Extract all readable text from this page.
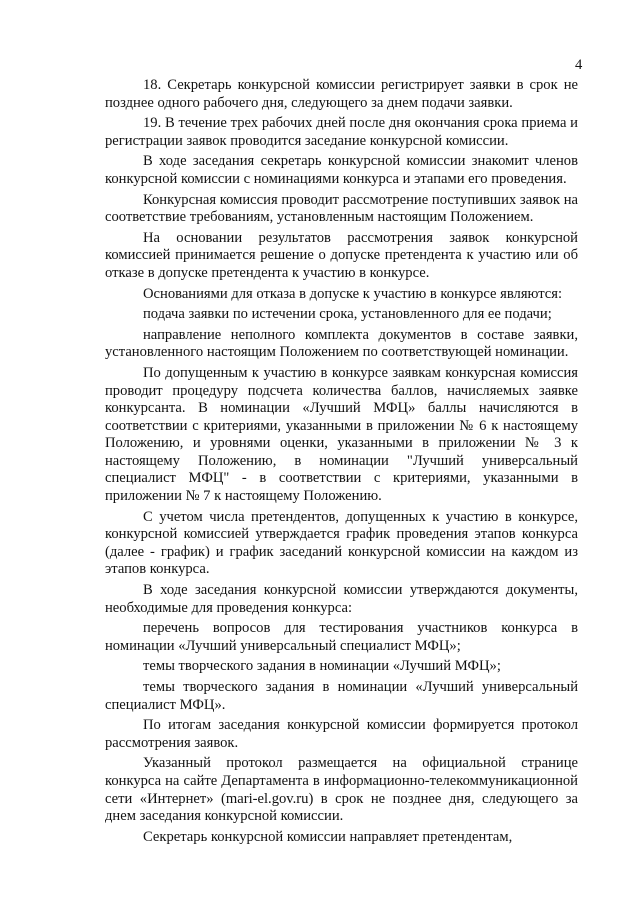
4

18. Секретарь конкурсной комиссии регистрирует заявки в срок не позднее одного рабочего дня, следующего за днем подачи заявки.

19. В течение трех рабочих дней после дня окончания срока приема и регистрации заявок проводится заседание конкурсной комиссии.

В ходе заседания секретарь конкурсной комиссии знакомит членов конкурсной комиссии с номинациями конкурса и этапами его проведения.

Конкурсная комиссия проводит рассмотрение поступивших заявок на соответствие требованиям, установленным настоящим Положением.

На основании результатов рассмотрения заявок конкурсной комиссией принимается решение о допуске претендента к участию или об отказе в допуске претендента к участию в конкурсе.

Основаниями для отказа в допуске к участию в конкурсе являются:

подача заявки по истечении срока, установленного для ее подачи;

направление неполного комплекта документов в составе заявки, установленного настоящим Положением по соответствующей номинации.

По допущенным к участию в конкурсе заявкам конкурсная комиссия проводит процедуру подсчета количества баллов, начисляемых заявке конкурсанта. В номинации «Лучший МФЦ» баллы начисляются в соответствии с критериями, указанными в приложении № 6 к настоящему Положению, и уровнями оценки, указанными в приложении № 3 к настоящему Положению, в номинации "Лучший универсальный специалист МФЦ" - в соответствии с критериями, указанными в приложении № 7 к настоящему Положению.

С учетом числа претендентов, допущенных к участию в конкурсе, конкурсной комиссией утверждается график проведения этапов конкурса (далее - график) и график заседаний конкурсной комиссии на каждом из этапов конкурса.

В ходе заседания конкурсной комиссии утверждаются документы, необходимые для проведения конкурса:

перечень вопросов для тестирования участников конкурса в номинации «Лучший универсальный специалист МФЦ»;

темы творческого задания в номинации «Лучший МФЦ»;

темы творческого задания в номинации «Лучший универсальный специалист МФЦ».

По итогам заседания конкурсной комиссии формируется протокол рассмотрения заявок.

Указанный протокол размещается на официальной странице конкурса на сайте Департамента в информационно-телекоммуникационной сети «Интернет» (mari-el.gov.ru) в срок не позднее дня, следующего за днем заседания конкурсной комиссии.

Секретарь конкурсной комиссии направляет претендентам,
